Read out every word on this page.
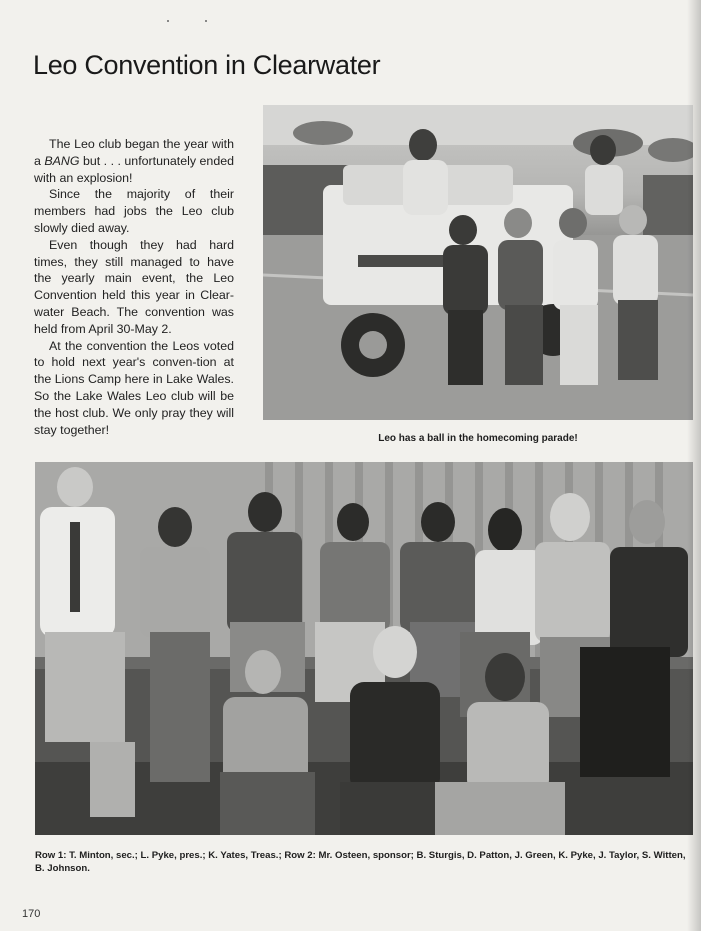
Leo Convention in Clearwater

The Leo club began the year with a BANG but . . . unfortunately ended with an explosion!

Since the majority of their members had jobs the Leo club slowly died away.

Even though they had hard times, they still managed to have the yearly main event, the Leo Convention held this year in Clear-water Beach. The convention was held from April 30-May 2.

At the convention the Leos voted to hold next year's conven-tion at the Lions Camp here in Lake Wales. So the Lake Wales Leo club will be the host club. We only pray they will stay together!

Leo has a ball in the homecoming parade!
Row 1: T. Minton, sec.; L. Pyke, pres.; K. Yates, Treas.; Row 2: Mr. Osteen, sponsor; B. Sturgis, D. Patton, J. Green, K. Pyke, J. Taylor, S. Witten, B. Johnson.
170
